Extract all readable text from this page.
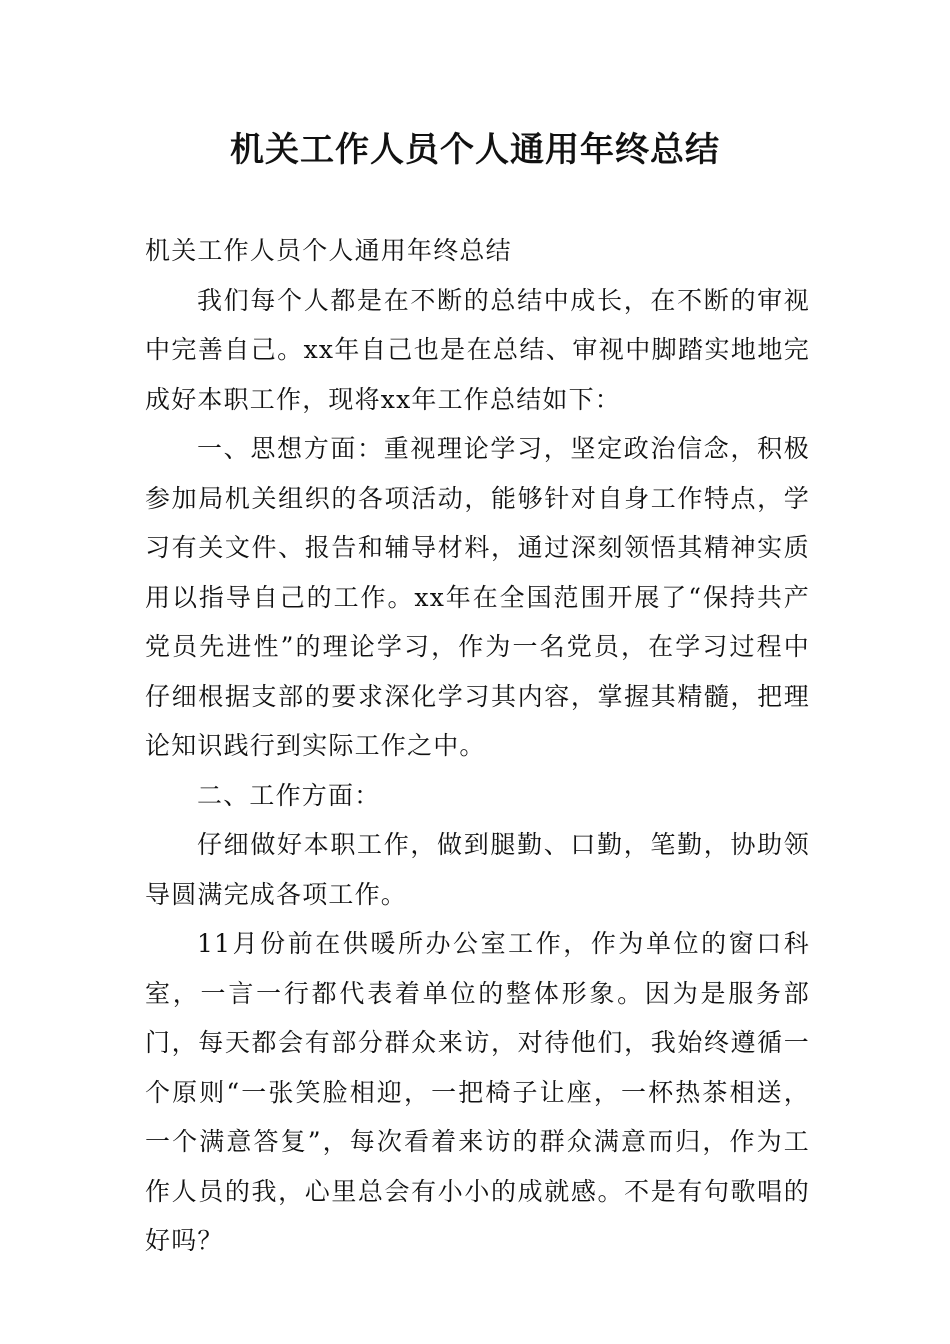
机关工作人员个人通用年终总结

机关工作人员个人通用年终总结

我们每个人都是在不断的总结中成长，在不断的审视中完善自己。xx年自己也是在总结、审视中脚踏实地地完成好本职工作，现将xx年工作总结如下：

一、思想方面：重视理论学习，坚定政治信念，积极参加局机关组织的各项活动，能够针对自身工作特点，学习有关文件、报告和辅导材料，通过深刻领悟其精神实质用以指导自己的工作。xx年在全国范围开展了“保持共产党员先进性”的理论学习，作为一名党员，在学习过程中仔细根据支部的要求深化学习其内容，掌握其精髓，把理论知识践行到实际工作之中。

二、工作方面：

仔细做好本职工作，做到腿勤、口勤，笔勤，协助领导圆满完成各项工作。

11月份前在供暖所办公室工作，作为单位的窗口科室，一言一行都代表着单位的整体形象。因为是服务部门，每天都会有部分群众来访，对待他们，我始终遵循一个原则“一张笑脸相迎，一把椅子让座，一杯热茶相送，一个满意答复”，每次看着来访的群众满意而归，作为工作人员的我，心里总会有小小的成就感。不是有句歌唱的好吗？
